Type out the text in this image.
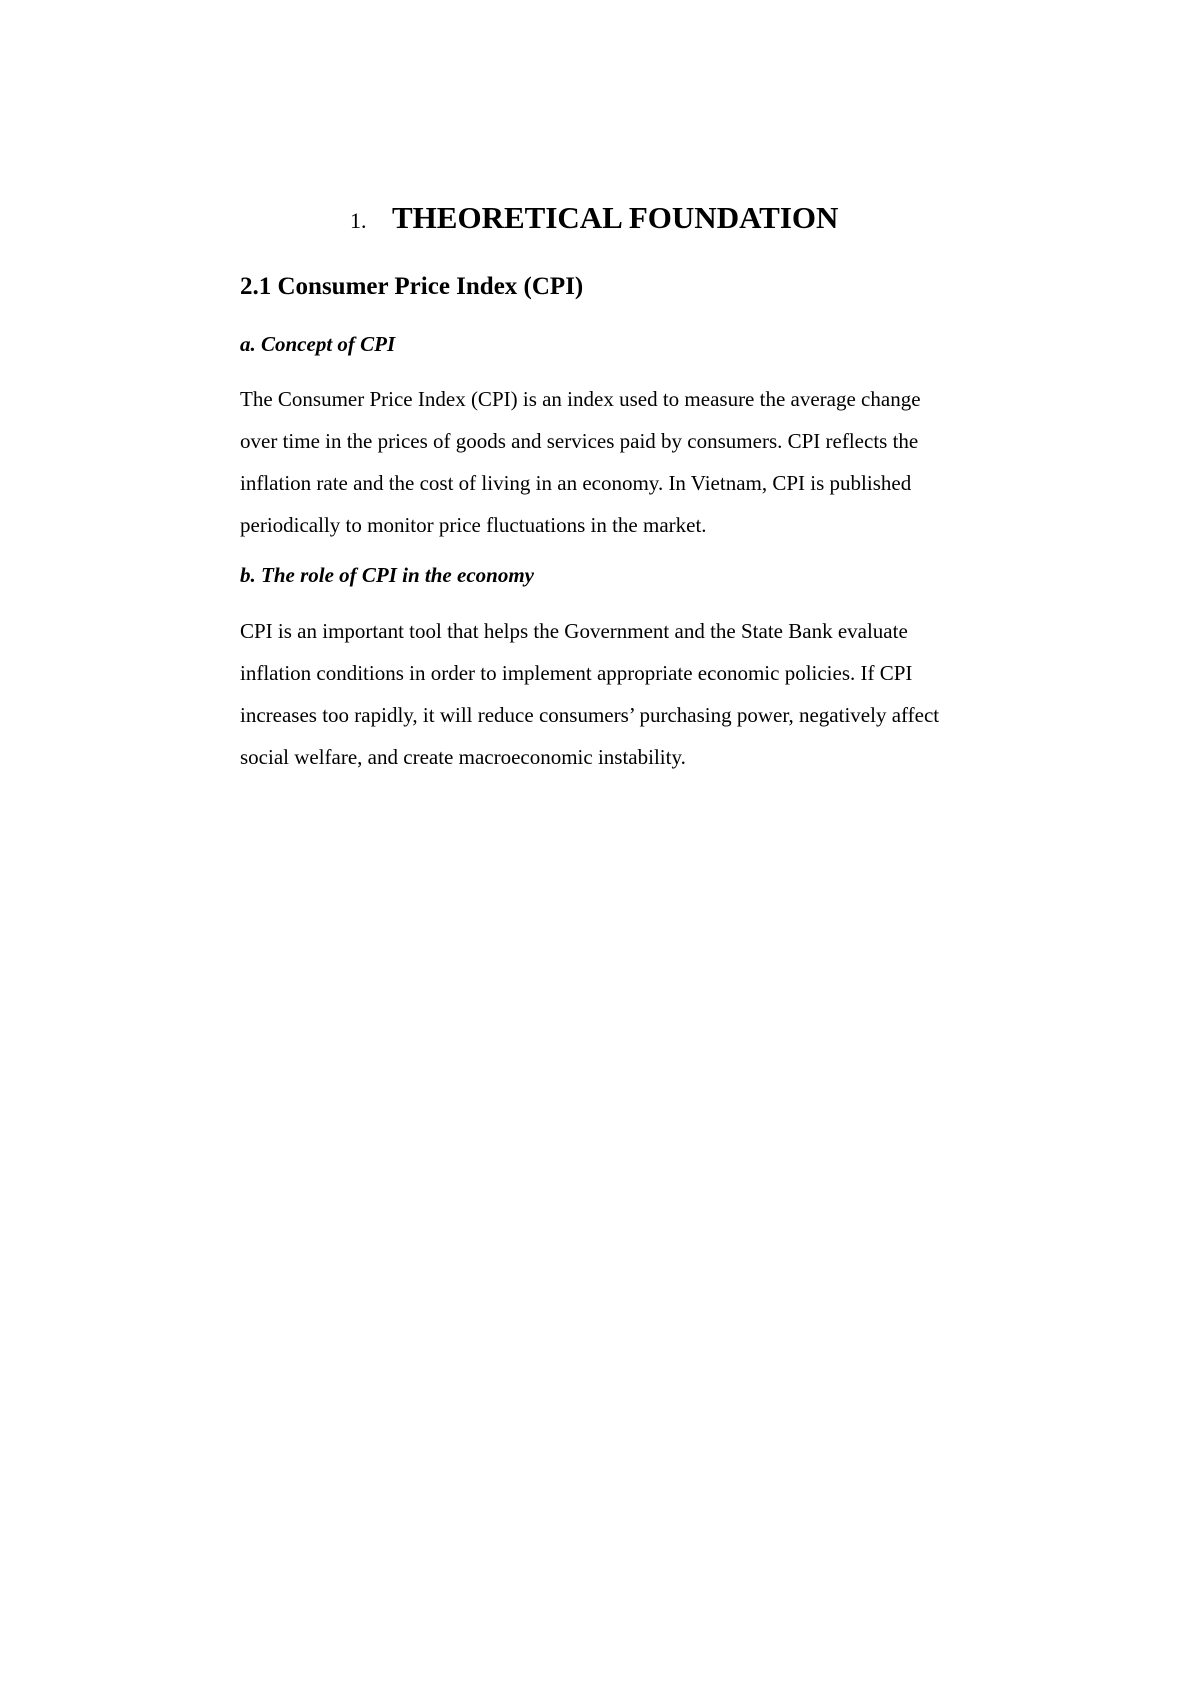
1. THEORETICAL FOUNDATION
2.1 Consumer Price Index (CPI)
a. Concept of CPI
The Consumer Price Index (CPI) is an index used to measure the average change
over time in the prices of goods and services paid by consumers. CPI reflects the
inflation rate and the cost of living in an economy. In Vietnam, CPI is published
periodically to monitor price fluctuations in the market.
b. The role of CPI in the economy
CPI is an important tool that helps the Government and the State Bank evaluate
inflation conditions in order to implement appropriate economic policies. If CPI
increases too rapidly, it will reduce consumers’ purchasing power, negatively affect
social welfare, and create macroeconomic instability.
